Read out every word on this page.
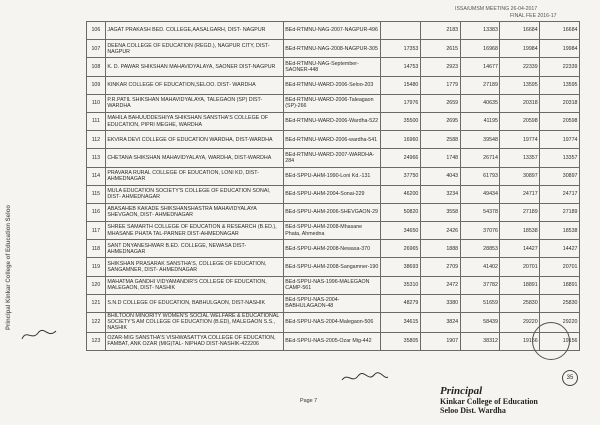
ISSA/UMSM MEETING 26-04-2017
FINAL FEE 2016-17
106	JAGAT PRAKASH BED. COLLEGE,AASALGARH, DIST- NAGPUR	BEd-RTMNU-NAG-2007-NAGPUR-496		2183	13383	16684	16684
107	DEENA COLLEGE OF EDUCATION (REGD.), NAGPUR CITY, DIST-NAGPUR	BEd-RTMNU-NAG-2008-NAGPUR-305	17353	2615	16968	19984	19984
108	K. D. PAWAR SHIKSHAN MAHAVIDYALAYA, SAONER DIST-NAGPUR	BEd-RTMNU-NAG-September-SAONER-448	14753	2923	14677	22339	22339
109	KINKAR COLLEGE OF EDUCATION,SELOO. DIST- WARDHA	BEd-RTMNU-WARD-2006-Seloo-203	15480	1779	27189	13595	13595
110	P.R.PATIL SHIKSHAN MAHAVIDYALAYA, TALEGAON (SP) DIST- WARDHA	BEd-RTMNU-WARD-2006-Taleagaon (SP)-266	17976	2659	40635	20318	20318
111	MAHILA BAHUUDDESHIYA SHIKSHAN SANSTHA'S COLLEGE OF EDUCATION, PIPRI MEGHE, WARDHA	BEd-RTMNU-WARD-2006-Wardha-522	35500	2695	41195	20598	20598
112	EKVIRA DEVI COLLEGE OF EDUCATION WARDHA, DIST-WARDHA	BEd-RTMNU-WARD-2006-wardha-541	16960	2588	39548	19774	19774
113	CHETANA SHIKSHAN MAHAVIDYALAYA, WARDHA, DIST-WARDHA	BEd-RTMNU-WARD-2007-WARDHA-284	24966	1748	26714	13357	13357
114	PRAVARA RURAL COLLEGE OF EDUCATION, LONI KD, DIST-AHMEDNAGAR	BEd-SPPU-AHM-1990-Loni Kd.-131	37750	4043	61793	30897	30897
115	MULA EDUCATION SOCIETY'S COLLEGE OF EDUCATION SONAI, DIST- AHMEDNAGAR	BEd-SPPU-AHM-2004-Sonai-229	46200	3234	49434	24717	24717
116	ABASAHEB KAKADE SHIKSHANSHASTRA MAHAVIDYALAYA SHEVGAON, DIST- AHMEDNAGAR	BEd-SPPU-AHM-2006-SHEVGAON-29	50820	3558	54378	27189	27189
117	SHREE SAMARTH COLLEGE OF EDUCATION & RESEARCH (B.ED.), MHASANE PHATA TAL-PARNER DIST-AHMEDNAGAR	BEd-SPPU-AHM-2008-Mhasane Phata, Ahmedna	34650	2426	37076	18538	18538
118	SANT DNYANESHWAR B.ED. COLLEGE, NEWASA DIST-AHMEDNAGAR	BEd-SPPU-AHM-2008-Newasa-370	26965	1888	28853	14427	14427
119	SHIKSHAN PRASARAK SANSTHA'S, COLLEGE OF EDUCATION, SANGAMNER, DIST- AHMEDNAGAR	BEd-SPPU-AHM-2008-Sangamner-190	38693	2709	41402	20701	20701
120	MAHATMA GANDHI VIDYAMANDIR'S COLLEGE OF EDUCATION, MALEGAON, DIST- NASHIK	BEd-SPPU-NAS-1996-MALEGAON CAMP-561	35310	2472	37782	18891	18891
121	S.N.D COLLEGE OF EDUCATION, BABHULGAON, DIST-NASHIK	BEd-SPPU-NAS-2004-BABHULAGAON-48	48279	3380	51659	25830	25830
122	BHILTOON MINORITY WOMEN'S SOCIAL WELFARE & EDUCATIONAL SOCIETY'S AM COLLEGE OF EDUCATION (B.ED), MALEGAON S.S., NASHIK	BEd-SPPU-NAS-2004-Malegaon-506	34615	3824	58439	29220	29220
123	OZAR-MIG SANSTHA'S VISHWASATTYA COLLEGE OF EDUCATION, FAMBAT, ANK OZAR (MIG)TAL- NIPHAD DIST-NASHIK-422206	BEd-SPPU-NAS-2005-Ozar Mig-442	35805	1907	38312	19156	19156
Page 7
Principal
Kinkar College of Education
Seloo Dist. Wardha
Principal Kinkar College of Education Seloo
35
